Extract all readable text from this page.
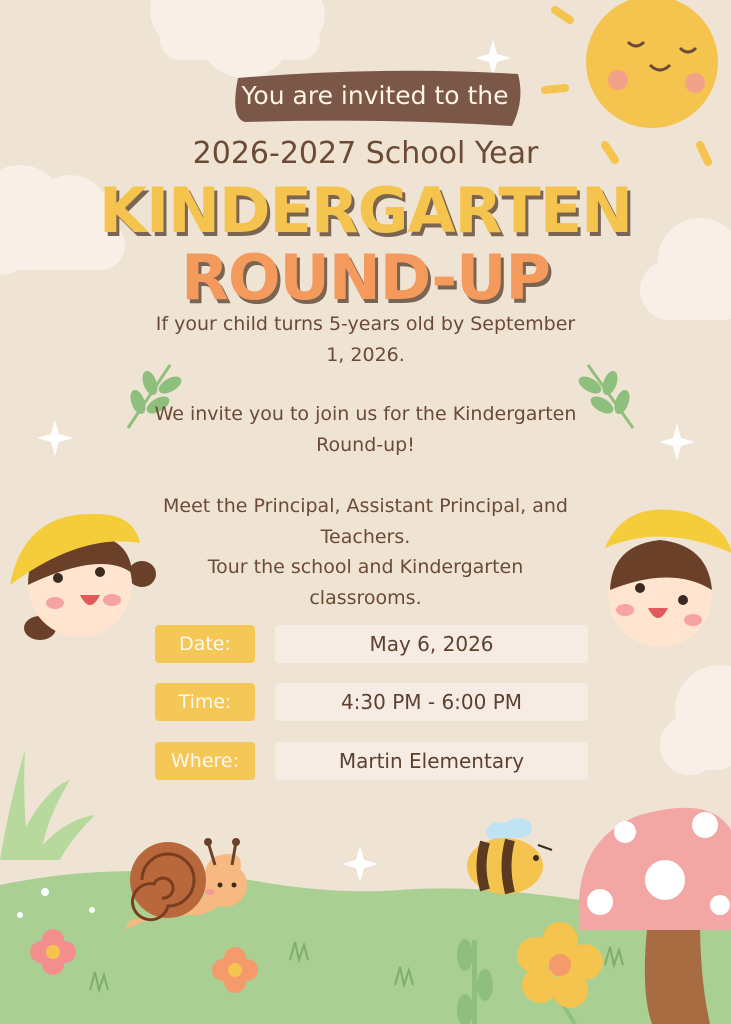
You are invited to the
2026-2027 School Year
KINDERGARTEN
ROUND-UP
If your child turns 5-years old by September
1, 2026.
We invite you to join us for the Kindergarten
Round-up!
Meet the Principal, Assistant Principal, and
Teachers.
Tour the school and Kindergarten
classrooms.
Date:	May 6, 2026
Time:	4:30 PM - 6:00 PM
Where:	Martin Elementary
